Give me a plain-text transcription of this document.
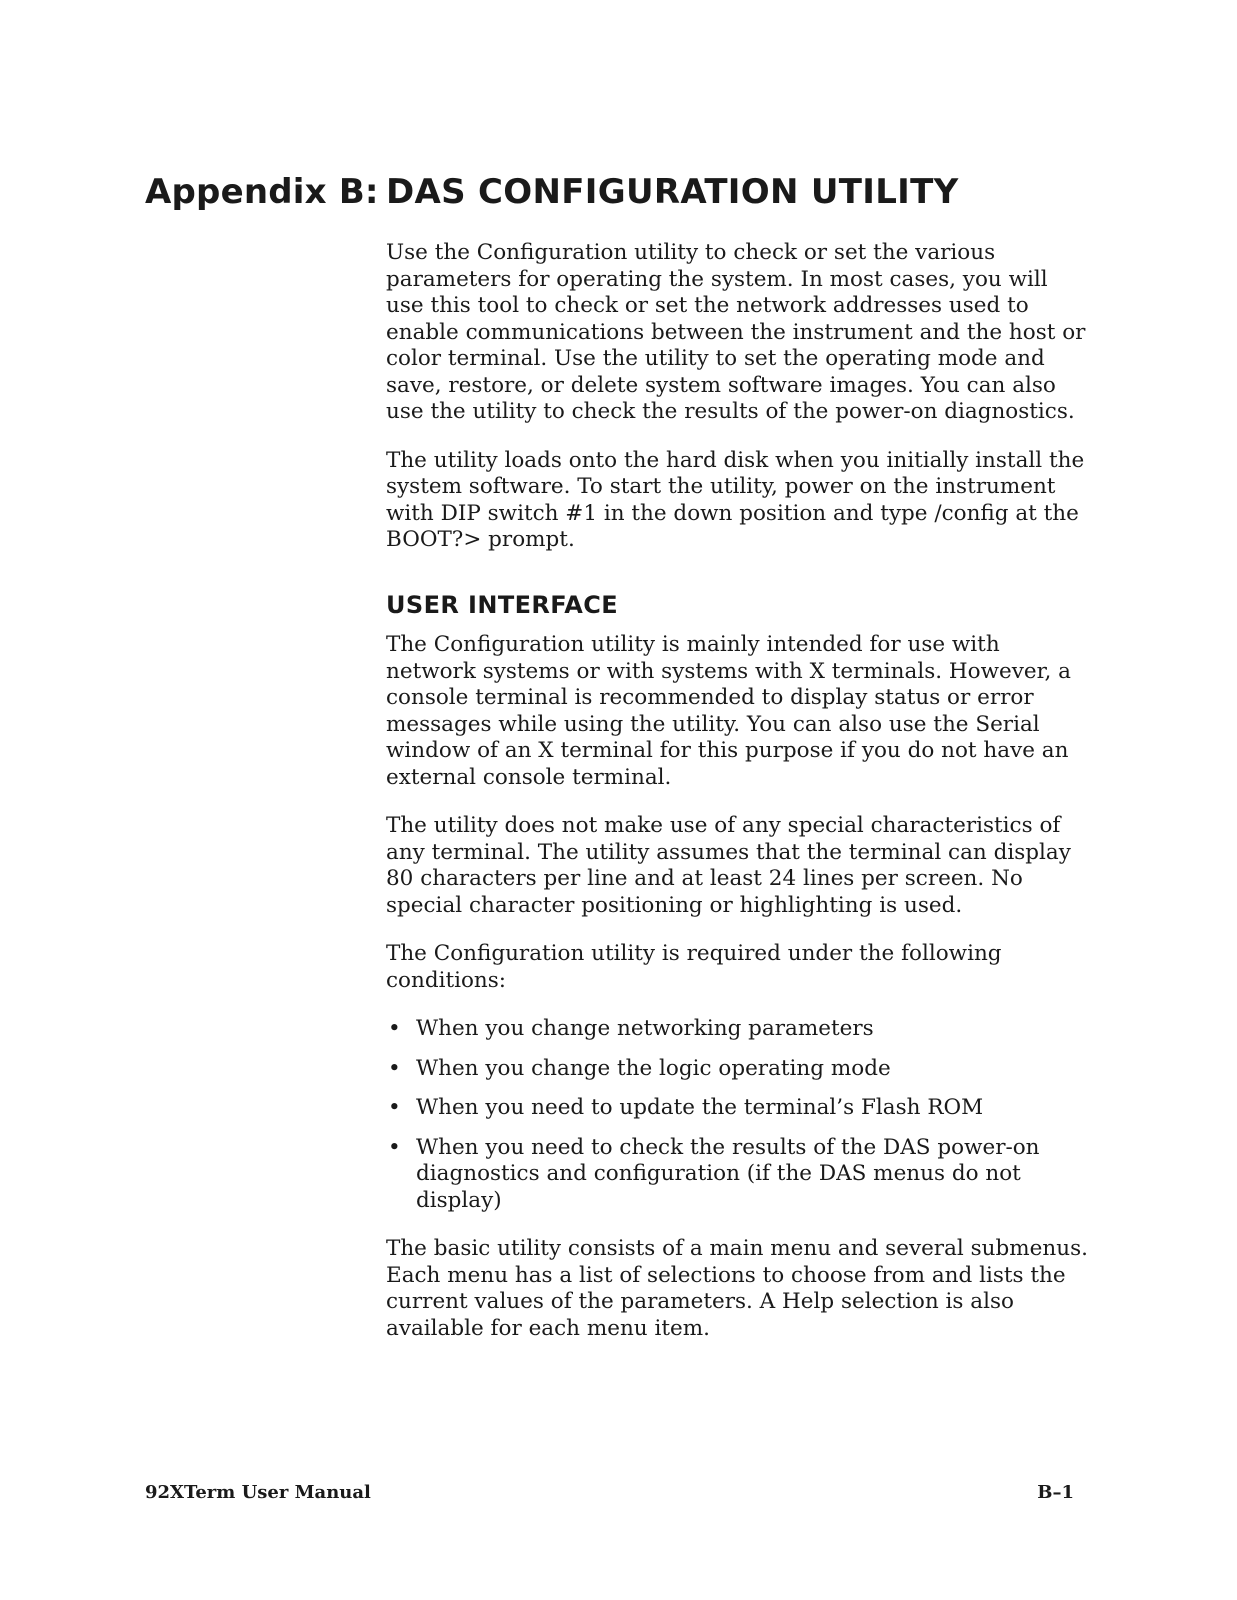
Appendix B: DAS CONFIGURATION UTILITY

Use the Configuration utility to check or set the various parameters for operating the system. In most cases, you will use this tool to check or set the network addresses used to enable communications between the instrument and the host or color terminal. Use the utility to set the operating mode and save, restore, or delete system software images. You can also use the utility to check the results of the power-on diagnostics.

The utility loads onto the hard disk when you initially install the system software. To start the utility, power on the instrument with DIP switch #1 in the down position and type /config at the BOOT?> prompt.

USER INTERFACE

The Configuration utility is mainly intended for use with network systems or with systems with X terminals. However, a console terminal is recommended to display status or error messages while using the utility. You can also use the Serial window of an X terminal for this purpose if you do not have an external console terminal.

The utility does not make use of any special characteristics of any terminal. The utility assumes that the terminal can display 80 characters per line and at least 24 lines per screen. No special character positioning or highlighting is used.

The Configuration utility is required under the following conditions:

• When you change networking parameters
• When you change the logic operating mode
• When you need to update the terminal’s Flash ROM
• When you need to check the results of the DAS power-on diagnostics and configuration (if the DAS menus do not display)

The basic utility consists of a main menu and several submenus. Each menu has a list of selections to choose from and lists the current values of the parameters. A Help selection is also available for each menu item.

92XTerm User Manual	B–1
